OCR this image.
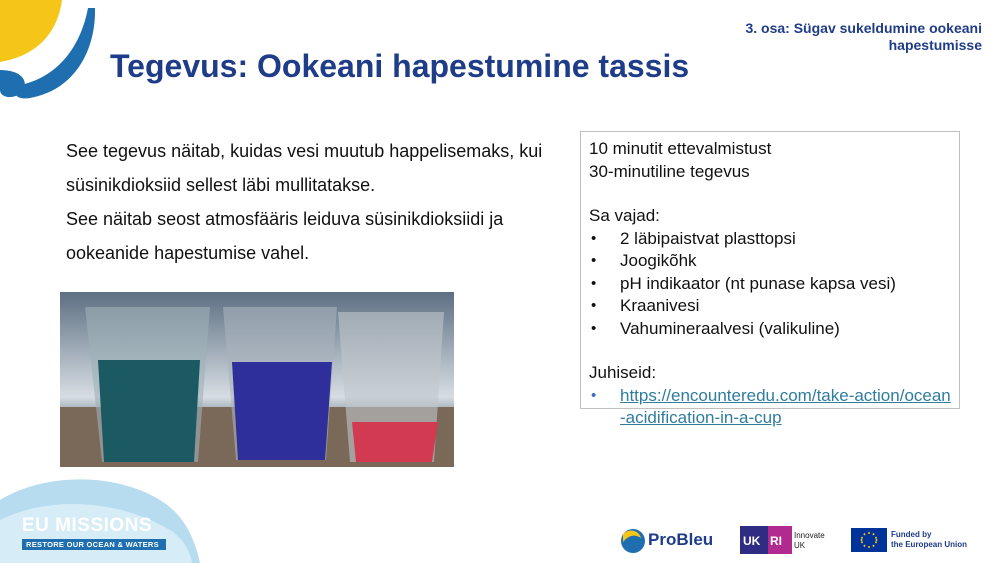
3. osa: Sügav sukeldumine ookeani hapestumisse
Tegevus: Ookeani hapestumine tassis

See tegevus näitab, kuidas vesi muutub happelisemaks, kui süsinikdioksiid sellest läbi mullitatakse.

See näitab seost atmosfääris leiduva süsinikdioksiidi ja ookeanide hapestumise vahel.

10 minutit ettevalmistust
30-minutiline tegevus
Sa vajad:
• 2 läbipaistvat plasttopsi
• Joogikõhk
• pH indikaator (nt punase kapsa vesi)
• Kraanivesi
• Vahumineraalvesi (valikuline)
Juhiseid:
• https://encounteredu.com/take-action/ocean-acidification-in-a-cup
EU MISSIONS
RESTORE OUR OCEAN & WATERS	ProBleu UK RI Innovate
UK
Funded by
the European Union
